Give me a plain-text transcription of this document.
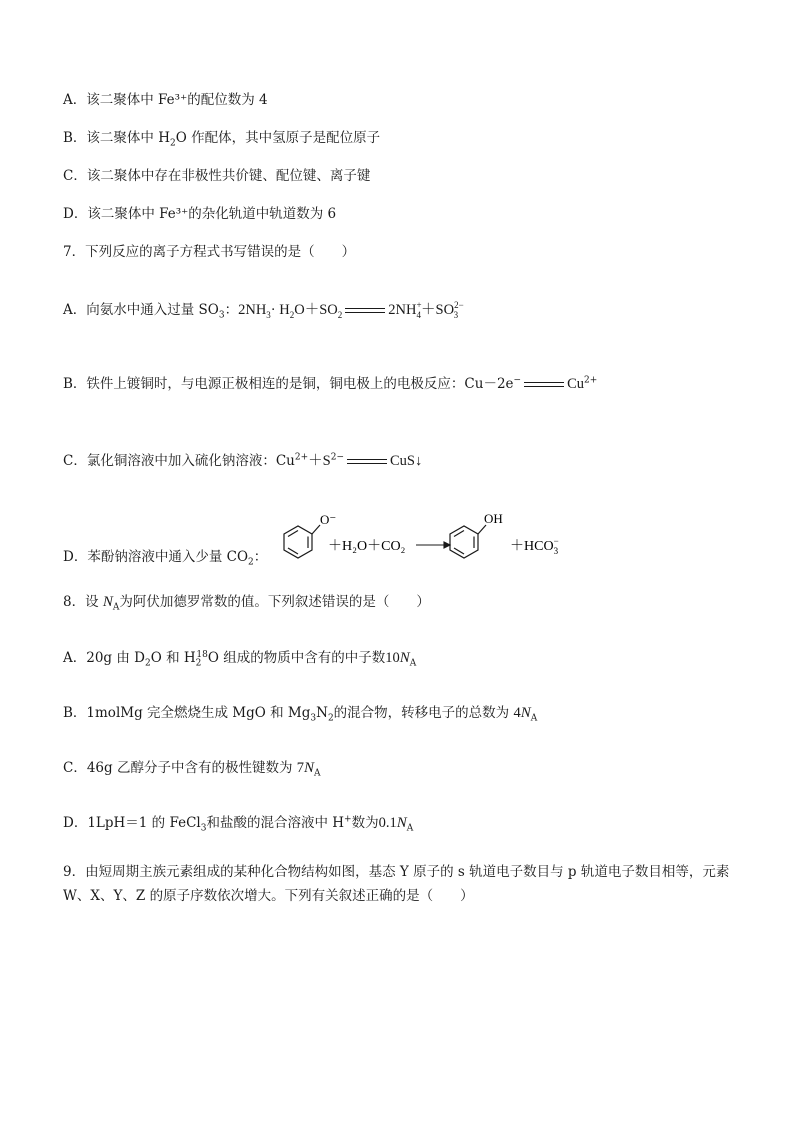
A．该二聚体中 Fe³⁺的配位数为 4
B．该二聚体中 $H_2O$ 作配体，其中氢原子是配位原子
C．该二聚体中存在非极性共价键、配位键、离子键
D．该二聚体中 Fe³⁺的杂化轨道中轨道数为 6
7．下列反应的离子方程式书写错误的是（　　）
A．向氨水中通入过量 $SO_3$：$2NH_3\cdot H_2O+SO_2$	$2NH^+_4+SO^{2-}_3$
B．铁件上镀铜时，与电源正极相连的是铜，铜电极上的电极反应：Cu－2e−	$Cu^{2+}$
C．氯化铜溶液中加入硫化钠溶液：$Cu^{2+}+S^{2-}$	CuS↓
D．苯酚钠溶液中通入少量 $CO_2$：
O⁻
＋H₂O＋CO₂
OH
＋HCO− 3
8．设 $N_A$为阿伏加德罗常数的值。下列叙述错误的是（　　）
A．20g 由 $D_2O$ 和 $H_2^{18}O$ 组成的物质中含有的中子数$10N_A$
B．1molMg 完全燃烧生成 MgO 和 $Mg_3N_2$的混合物，转移电子的总数为 $4N_A$
C．46g 乙醇分子中含有的极性键数为 $7N_A$
D．1LpH＝1 的 FeCl$_3$和盐酸的混合溶液中 H+数为$0.1N_A$
9．由短周期主族元素组成的某种化合物结构如图，基态 Y 原子的 s 轨道电子数目与 p 轨道电子数目相等，元素 W、X、Y、Z 的原子序数依次增大。下列有关叙述正确的是（　　）
